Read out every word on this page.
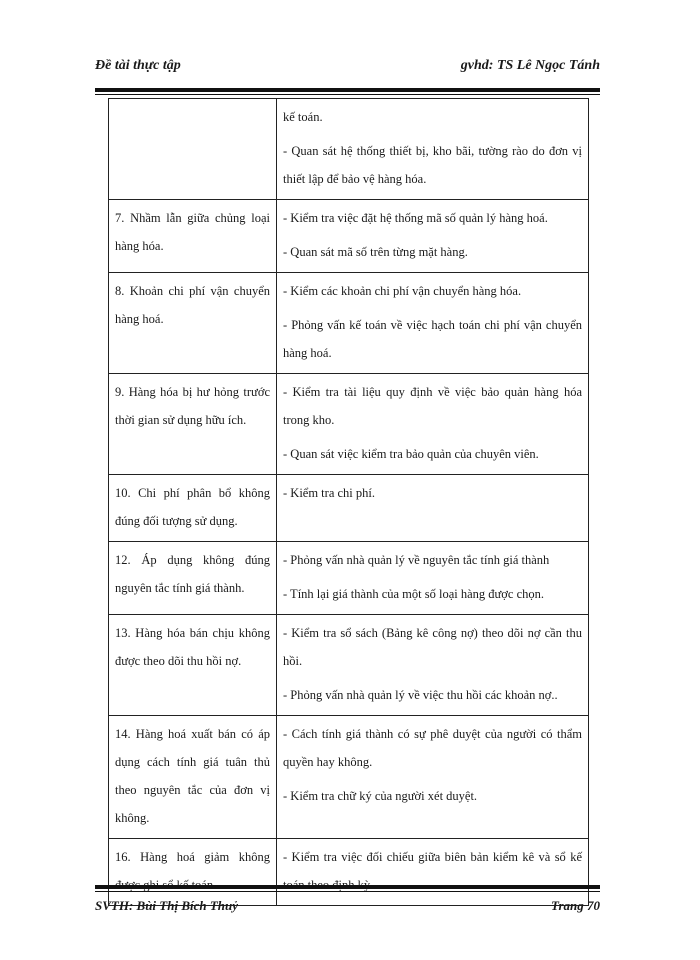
Đề tài thực tập	gvhd: TS Lê Ngọc Tánh

	kế toán.
- Quan sát hệ thống thiết bị, kho bãi, tường rào do đơn vị thiết lập để bảo vệ hàng hóa.

7. Nhầm lẫn giữa chủng loại hàng hóa.	- Kiểm tra việc đặt hệ thống mã số quản lý hàng hoá.
- Quan sát mã số trên từng mặt hàng.

8. Khoản chi phí vận chuyển hàng hoá.	- Kiểm các khoản chi phí vận chuyển hàng hóa.
- Phỏng vấn kế toán về việc hạch toán chi phí vận chuyển hàng hoá.

9. Hàng hóa bị hư hỏng trước thời gian sử dụng hữu ích.	- Kiểm tra tài liệu quy định về việc bảo quản hàng hóa trong kho.
- Quan sát việc kiểm tra bảo quản của chuyên viên.

10. Chi phí phân bổ không đúng đối tượng sử dụng.	- Kiểm tra chi phí.

12. Áp dụng không đúng nguyên tắc tính giá thành.	- Phỏng vấn nhà quản lý về nguyên tắc tính giá thành
- Tính lại giá thành của một số loại hàng được chọn.

13. Hàng hóa bán chịu không được theo dõi thu hồi nợ.	- Kiểm tra sổ sách (Bảng kê công nợ) theo dõi nợ cần thu hồi.
- Phỏng vấn nhà quản lý về việc thu hồi các khoản nợ..

14. Hàng hoá xuất bán có áp dụng cách tính giá tuân thủ theo nguyên tắc của đơn vị không.	- Cách tính giá thành có sự phê duyệt của người có thẩm quyền hay không.
- Kiểm tra chữ ký của người xét duyệt.

16. Hàng hoá giảm không	- Kiểm tra việc đối chiếu giữa biên bản kiểm kê và sổ kế
SVTH: Bùi Thị Bích Thuỷ	Trang 70
